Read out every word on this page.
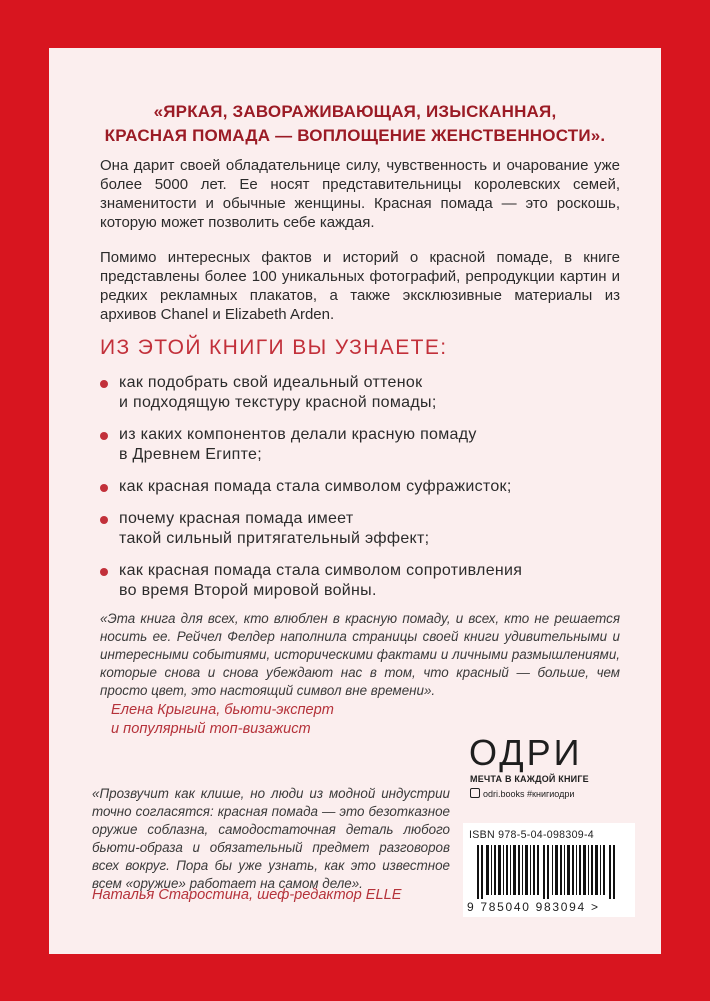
«ЯРКАЯ, ЗАВОРАЖИВАЮЩАЯ, ИЗЫСКАННАЯ,
КРАСНАЯ ПОМАДА — ВОПЛОЩЕНИЕ ЖЕНСТВЕННОСТИ».
Она дарит своей обладательнице силу, чувственность и очарование уже более 5000 лет. Ее носят представительницы королевских семей, знаменитости и обычные женщины. Красная помада — это роскошь, которую может позволить себе каждая.
Помимо интересных фактов и историй о красной помаде, в книге представлены более 100 уникальных фотографий, репродукции картин и редких рекламных плакатов, а также эксклюзивные материалы из архивов Chanel и Elizabeth Arden.
ИЗ ЭТОЙ КНИГИ ВЫ УЗНАЕТЕ:
как подобрать свой идеальный оттенок
и подходящую текстуру красной помады;
из каких компонентов делали красную помаду
в Древнем Египте;
как красная помада стала символом суфражисток;
почему красная помада имеет
такой сильный притягательный эффект;
как красная помада стала символом сопротивления
во время Второй мировой войны.
«Эта книга для всех, кто влюблен в красную помаду, и всех, кто не решается носить ее. Рейчел Фелдер наполнила страницы своей книги удивительными и интересными событиями, историческими фактами и личными размышлениями, которые снова и снова убеждают нас в том, что красный — больше, чем просто цвет, это настоящий символ вне времени».
Елена Крыгина, бьюти-эксперт
и популярный топ-визажист
«Прозвучит как клише, но люди из модной индустрии точно согласятся: красная помада — это безотказное оружие соблазна, самодостаточная деталь любого бьюти-образа и обязательный предмет разговоров всех вокруг. Пора бы уже узнать, как это известное всем «оружие» работает на самом деле».
Наталья Старостина, шеф-редактор ELLE
ОДРИ
МЕЧТА В КАЖДОЙ КНИГЕ
odri.books #книгиодри
ISBN 978-5-04-098309-4
9 785040 983094 >
